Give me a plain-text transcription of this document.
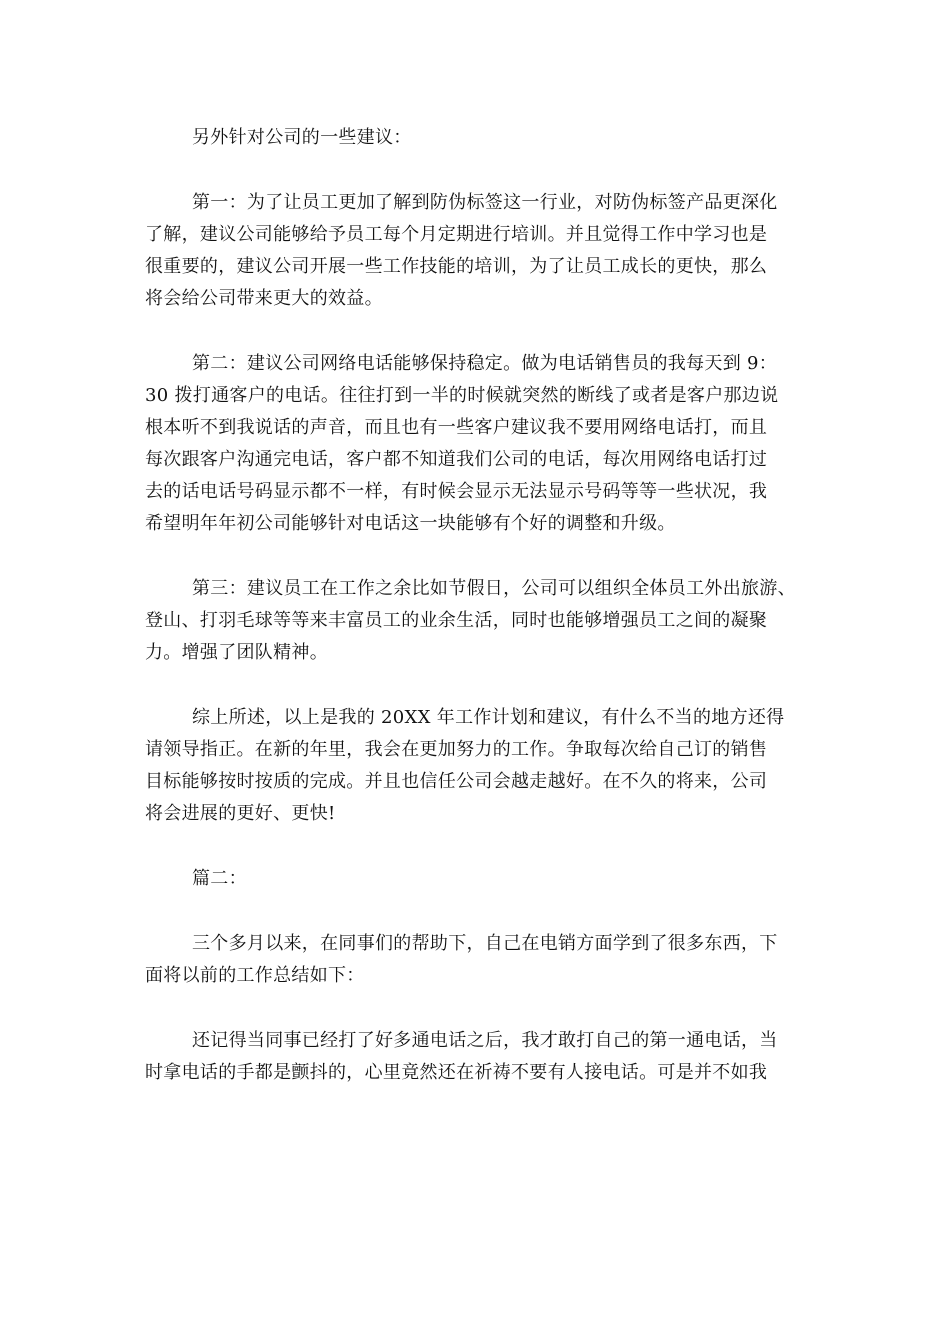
另外针对公司的一些建议：

第一：为了让员工更加了解到防伪标签这一行业，对防伪标签产品更深化
了解，建议公司能够给予员工每个月定期进行培训。并且觉得工作中学习也是
很重要的，建议公司开展一些工作技能的培训，为了让员工成长的更快，那么
将会给公司带来更大的效益。

第二：建议公司网络电话能够保持稳定。做为电话销售员的我每天到 9：
30 拨打通客户的电话。往往打到一半的时候就突然的断线了或者是客户那边说
根本听不到我说话的声音，而且也有一些客户建议我不要用网络电话打，而且
每次跟客户沟通完电话，客户都不知道我们公司的电话，每次用网络电话打过
去的话电话号码显示都不一样，有时候会显示无法显示号码等等一些状况，我
希望明年年初公司能够针对电话这一块能够有个好的调整和升级。

第三：建议员工在工作之余比如节假日，公司可以组织全体员工外出旅游、
登山、打羽毛球等等来丰富员工的业余生活，同时也能够增强员工之间的凝聚
力。增强了团队精神。

综上所述，以上是我的 20XX 年工作计划和建议，有什么不当的地方还得
请领导指正。在新的年里，我会在更加努力的工作。争取每次给自己订的销售
目标能够按时按质的完成。并且也信任公司会越走越好。在不久的将来，公司
将会进展的更好、更快!

篇二：

三个多月以来，在同事们的帮助下，自己在电销方面学到了很多东西，下
面将以前的工作总结如下：

还记得当同事已经打了好多通电话之后，我才敢打自己的第一通电话，当
时拿电话的手都是颤抖的，心里竟然还在祈祷不要有人接电话。可是并不如我
